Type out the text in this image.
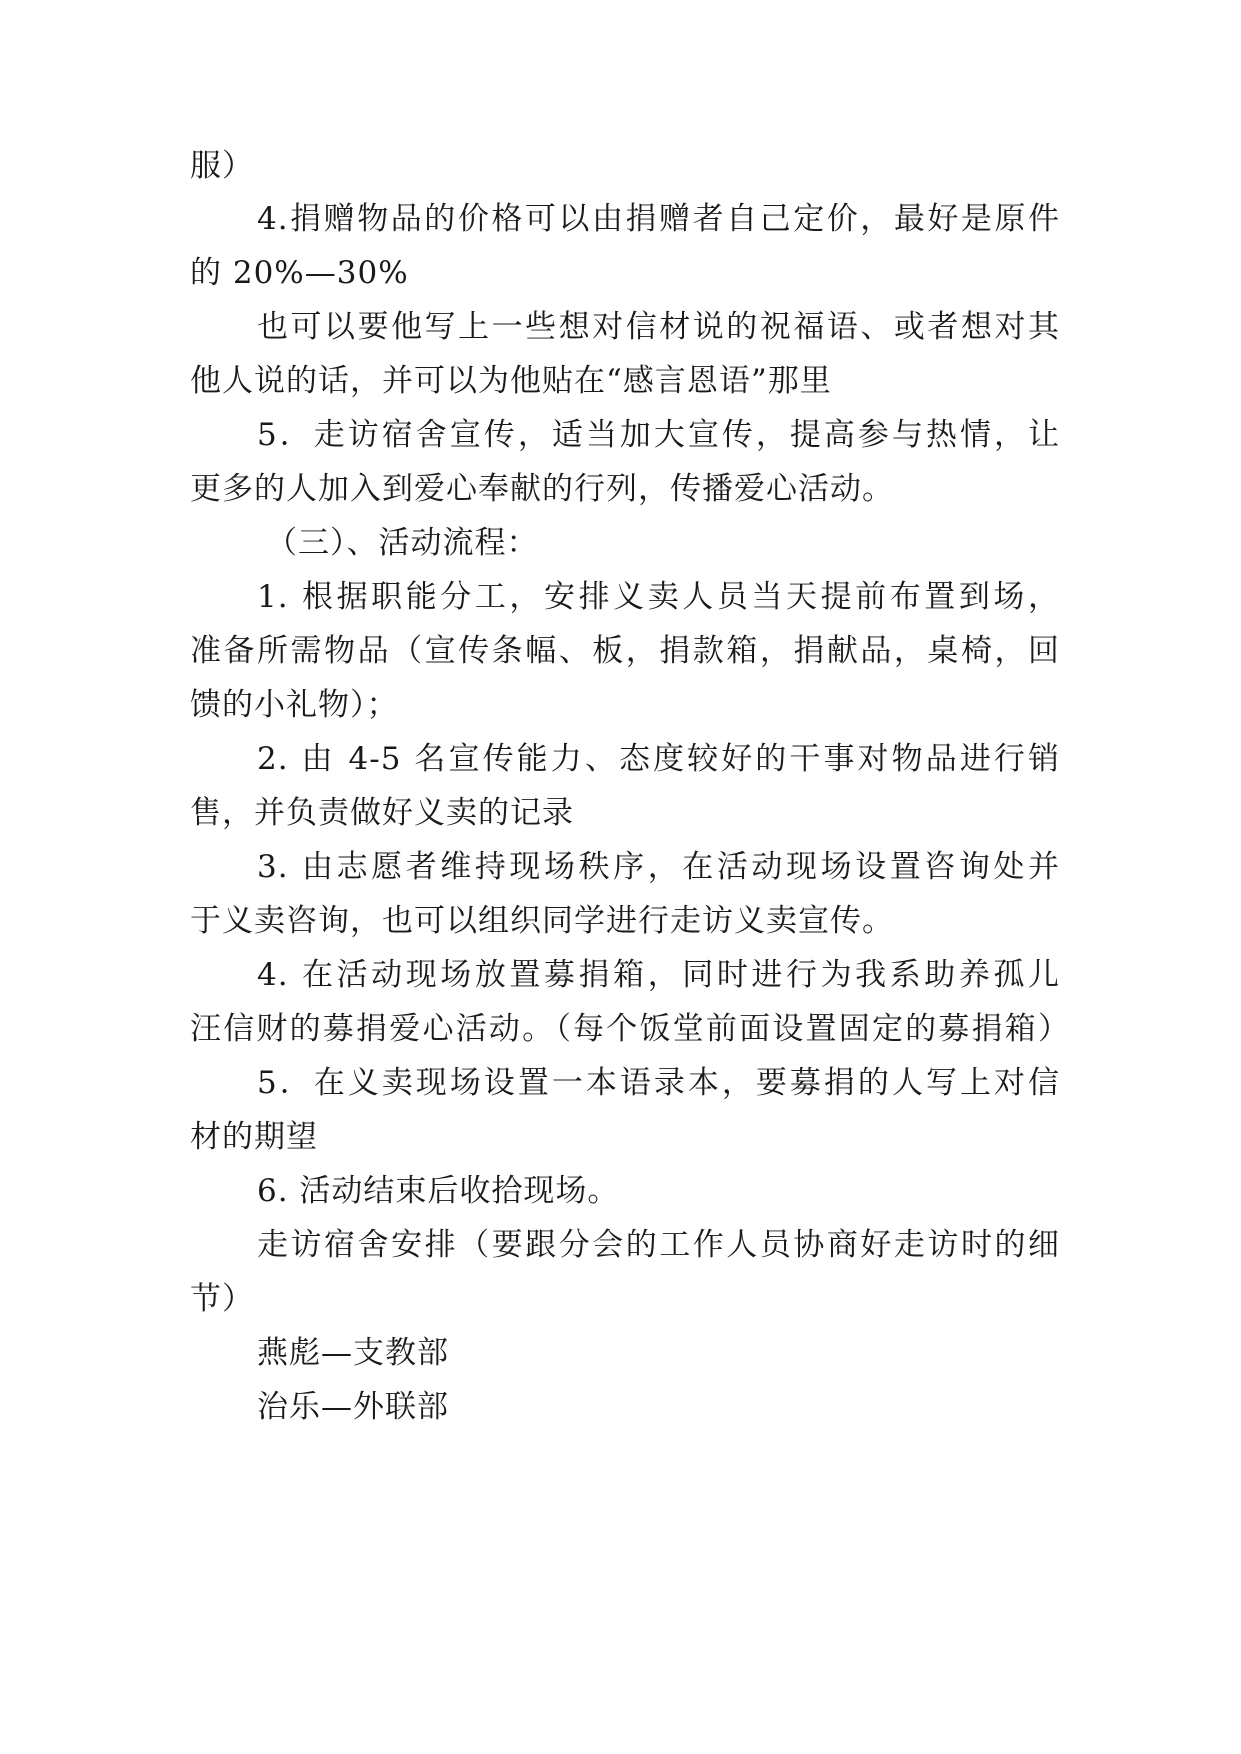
服）
4.捐赠物品的价格可以由捐赠者自己定价，最好是原件
的 20%—30%
也可以要他写上一些想对信材说的祝福语、或者想对其
他人说的话，并可以为他贴在“感言恩语”那里
5．走访宿舍宣传，适当加大宣传，提高参与热情，让
更多的人加入到爱心奉献的行列，传播爱心活动。
（三）、活动流程：
1. 根据职能分工，安排义卖人员当天提前布置到场，
准备所需物品（宣传条幅、板，捐款箱，捐献品，桌椅，回
馈的小礼物）；
2. 由 4-5 名宣传能力、态度较好的干事对物品进行销
售，并负责做好义卖的记录
3. 由志愿者维持现场秩序，在活动现场设置咨询处并
于义卖咨询，也可以组织同学进行走访义卖宣传。
4. 在活动现场放置募捐箱，同时进行为我系助养孤儿
汪信财的募捐爱心活动。（每个饭堂前面设置固定的募捐箱）
5．在义卖现场设置一本语录本，要募捐的人写上对信
材的期望
6. 活动结束后收拾现场。
走访宿舍安排（要跟分会的工作人员协商好走访时的细
节）
燕彪—支教部
治乐—外联部
